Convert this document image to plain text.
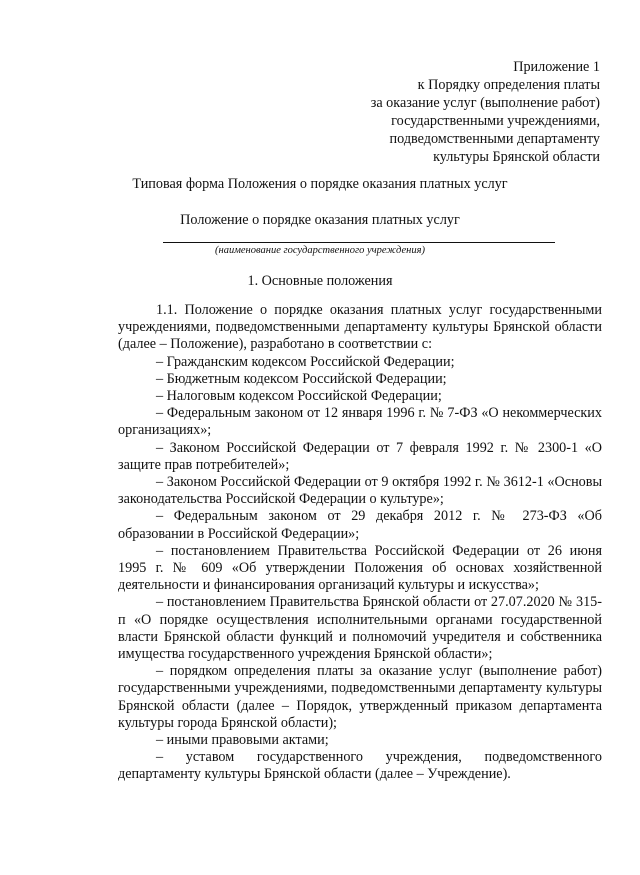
Приложение 1
к Порядку определения платы
за оказание услуг (выполнение работ)
государственными учреждениями,
подведомственными департаменту
культуры Брянской области
Типовая форма Положения о порядке оказания платных услуг
Положение о порядке оказания платных услуг
(наименование государственного учреждения)
1. Основные положения

1.1. Положение о порядке оказания платных услуг государственными учреждениями, подведомственными департаменту культуры Брянской области (далее – Положение), разработано в соответствии с:

– Гражданским кодексом Российской Федерации;

– Бюджетным кодексом Российской Федерации;

– Налоговым кодексом Российской Федерации;

– Федеральным законом от 12 января 1996 г. № 7-ФЗ «О некоммерческих организациях»;

– Законом Российской Федерации от 7 февраля 1992 г. № 2300-1 «О защите прав потребителей»;

– Законом Российской Федерации от 9 октября 1992 г. № 3612-1 «Основы законодательства Российской Федерации о культуре»;

– Федеральным законом от 29 декабря 2012 г. № 273-ФЗ «Об образовании в Российской Федерации»;

– постановлением Правительства Российской Федерации от 26 июня 1995 г. № 609 «Об утверждении Положения об основах хозяйственной деятельности и финансирования организаций культуры и искусства»;

– постановлением Правительства Брянской области от 27.07.2020 № 315-п «О порядке осуществления исполнительными органами государственной власти Брянской области функций и полномочий учредителя и собственника имущества государственного учреждения Брянской области»;

– порядком определения платы за оказание услуг (выполнение работ) государственными учреждениями, подведомственными департаменту культуры Брянской области (далее – Порядок, утвержденный приказом департамента культуры города Брянской области);

– иными правовыми актами;

– уставом государственного учреждения, подведомственного департаменту культуры Брянской области (далее – Учреждение).
